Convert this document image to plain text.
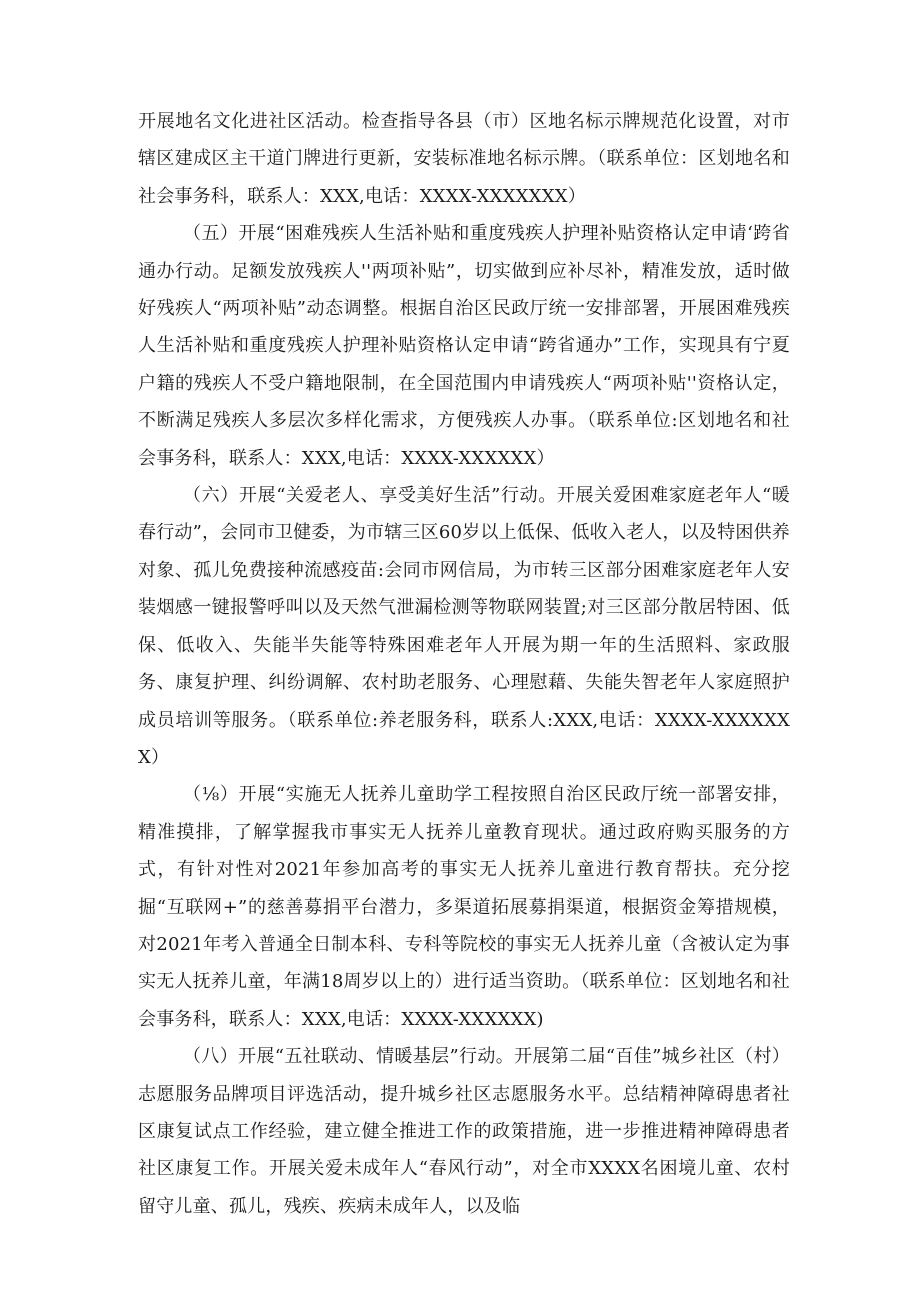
开展地名文化进社区活动。检查指导各县（市）区地名标示牌规范化设置，对市辖区建成区主干道门牌进行更新，安装标准地名标示牌。（联系单位：区划地名和社会事务科，联系人：XXX,电话：XXXX-XXXXXXX）

（五）开展“困难残疾人生活补贴和重度残疾人护理补贴资格认定申请‘跨省通办行动。足额发放残疾人''两项补贴”，切实做到应补尽补，精准发放，适时做好残疾人“两项补贴”动态调整。根据自治区民政厅统一安排部署，开展困难残疾人生活补贴和重度残疾人护理补贴资格认定申请“跨省通办”工作，实现具有宁夏户籍的残疾人不受户籍地限制，在全国范围内申请残疾人“两项补贴''资格认定，不断满足残疾人多层次多样化需求，方便残疾人办事。（联系单位:区划地名和社会事务科，联系人：XXX,电话：XXXX-XXXXXX）

（六）开展“关爱老人、享受美好生活”行动。开展关爱困难家庭老年人“暖春行动”，会同市卫健委，为市辖三区60岁以上低保、低收入老人，以及特困供养对象、孤儿免费接种流感疫苗:会同市网信局，为市转三区部分困难家庭老年人安装烟感一键报警呼叫以及天然气泄漏检测等物联网装置;对三区部分散居特困、低保、低收入、失能半失能等特殊困难老年人开展为期一年的生活照料、家政服务、康复护理、纠纷调解、农村助老服务、心理慰藉、失能失智老年人家庭照护成员培训等服务。（联系单位:养老服务科，联系人:XXX,电话：XXXX-XXXXXXX）

（⅛）开展“实施无人抚养儿童助学工程按照自治区民政厅统一部署安排，精准摸排，了解掌握我市事实无人抚养儿童教育现状。通过政府购买服务的方式，有针对性对2021年参加高考的事实无人抚养儿童进行教育帮扶。充分挖掘“互联网+”的慈善募捐平台潜力，多渠道拓展募捐渠道，根据资金筹措规模，对2021年考入普通全日制本科、专科等院校的事实无人抚养儿童（含被认定为事实无人抚养儿童，年满18周岁以上的）进行适当资助。（联系单位：区划地名和社会事务科，联系人：XXX,电话：XXXX-XXXXXX)

（八）开展“五社联动、情暖基层”行动。开展第二届“百佳”城乡社区（村）志愿服务品牌项目评选活动，提升城乡社区志愿服务水平。总结精神障碍患者社区康复试点工作经验，建立健全推进工作的政策措施，进一步推进精神障碍患者社区康复工作。开展关爱未成年人“春风行动”，对全市XXXX名困境儿童、农村留守儿童、孤儿，残疾、疾病未成年人，以及临
